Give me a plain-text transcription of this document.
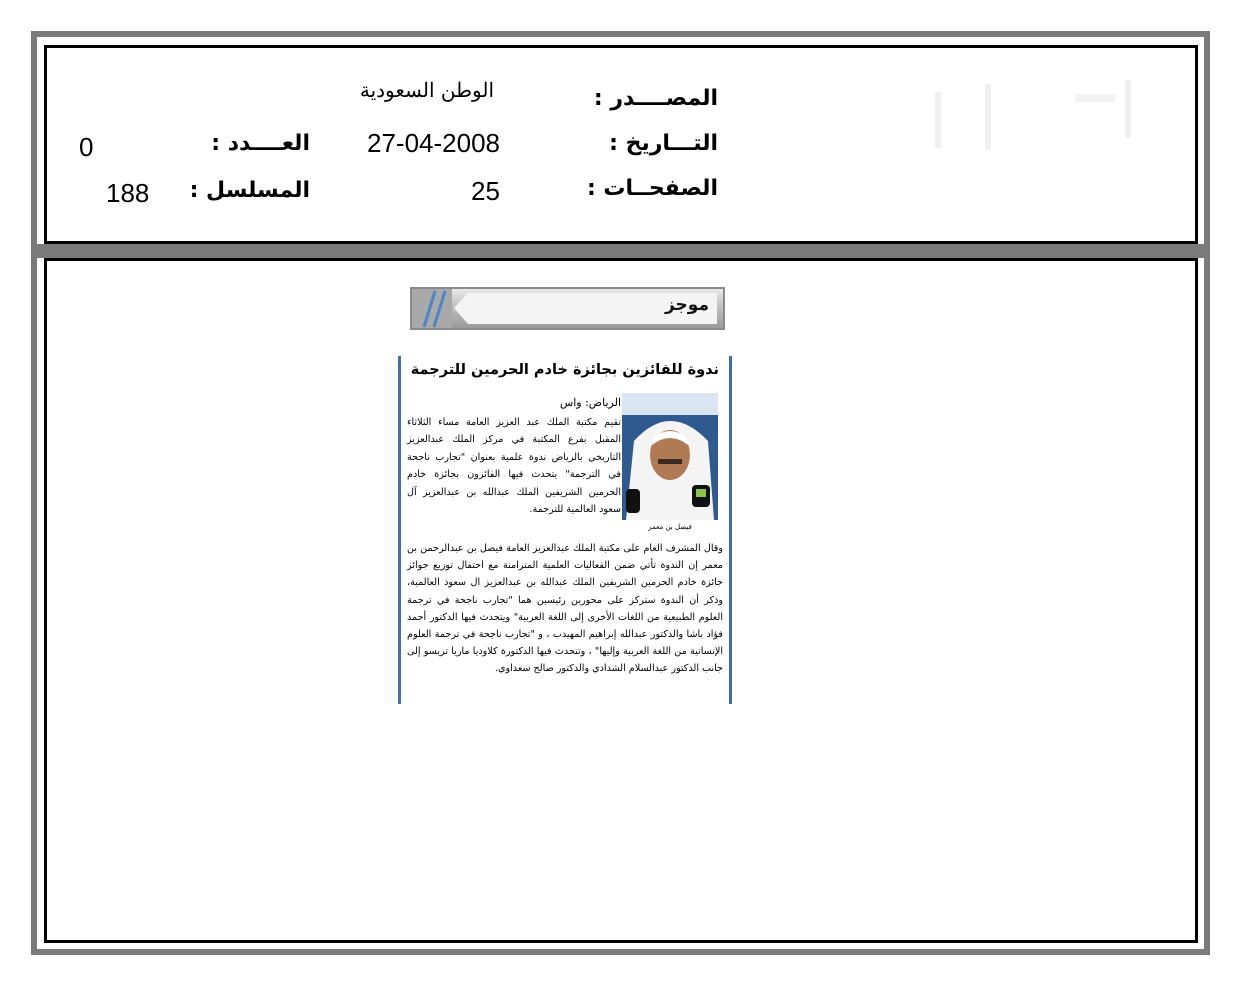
المصــــدر :
الوطن السعودية
التـــاريخ :
27-04-2008
الصفحــات :
25
العــــدد :
0
المسلسل :
188
موجز
ندوة للفائزين بجائزة خادم الحرمين للترجمة
فيصل بن معمر
الرياض: واس

تقيم مكتبة الملك عبد العزيز العامة مساء الثلاثاء المقبل بفرع المكتبة في مركز الملك عبدالعزيز التاريخي بالرياض ندوة علمية بعنوان "تجارب ناجحة في الترجمة" يتحدث فيها الفائزون بجائزة خادم الحرمين الشريفين الملك عبدالله بن عبدالعزيز آل سعود العالمية للترجمة.

وقال المشرف العام على مكتبة الملك عبدالعزيز العامة فيصل بن عبدالرحمن بن معمر إن الندوة تأتي ضمن الفعاليات العلمية المتزامنة مع احتفال توزيع جوائز جائزة خادم الحرمين الشريفين الملك عبدالله بن عبدالعزيز ال سعود العالمية، وذكر أن الندوة ستركز على محورين رئيسين هما "تجارب ناجحة في ترجمة العلوم الطبيعية من اللغات الأخرى إلى اللغة العربية" ويتحدث فيها الدكتور أحمد فؤاد باشا والدكتور عبدالله إبراهيم المهيدب ، و "تجارب ناجحة في ترجمة العلوم الإنسانية من اللغة العربية وإليها" ، وتتحدث فيها الدكتورة كلاوديا ماريا تريسو إلى جانب الدكتور عبدالسلام الشدادي والدكتور صالح سعداوي.
